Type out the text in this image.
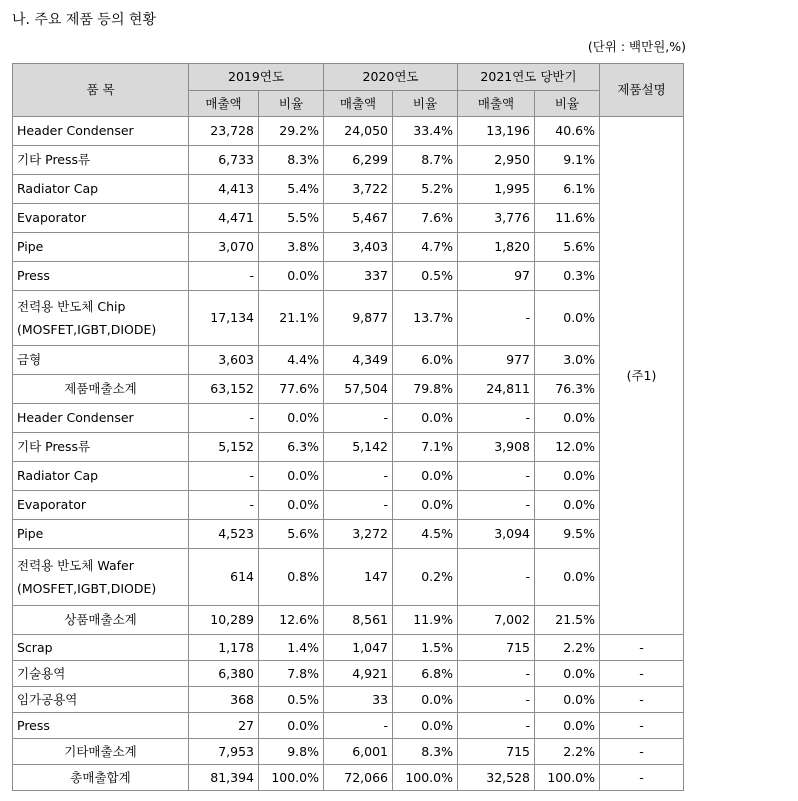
나. 주요 제품 등의 현황
(단위 : 백만원,%)
품 목	2019연도		2020연도		2021연도 당반기		제품설명
	매출액	비율	매출액	비율	매출액	비율	

Header Condenser	23,728	29.2%	24,050	33.4%	13,196	40.6%	(주1)

기타 Press류	6,733	8.3%	6,299	8.7%	2,950	9.1%	

Radiator Cap	4,413	5.4%	3,722	5.2%	1,995	6.1%	

Evaporator	4,471	5.5%	5,467	7.6%	3,776	11.6%	

Pipe	3,070	3.8%	3,403	4.7%	1,820	5.6%	

Press	-	0.0%	337	0.5%	97	0.3%	

전력용 반도체 Chip
(MOSFET,IGBT,DIODE)	17,134	21.1%	9,877	13.7%	-	0.0%	

금형	3,603	4.4%	4,349	6.0%	977	3.0%	

제품매출소계	63,152	77.6%	57,504	79.8%	24,811	76.3%	

Header Condenser	-	0.0%	-	0.0%	-	0.0%	

기타 Press류	5,152	6.3%	5,142	7.1%	3,908	12.0%	

Radiator Cap	-	0.0%	-	0.0%	-	0.0%	

Evaporator	-	0.0%	-	0.0%	-	0.0%	

Pipe	4,523	5.6%	3,272	4.5%	3,094	9.5%	

전력용 반도체 Wafer
(MOSFET,IGBT,DIODE)	614	0.8%	147	0.2%	-	0.0%	

상품매출소계	10,289	12.6%	8,561	11.9%	7,002	21.5%	

Scrap	1,178	1.4%	1,047	1.5%	715	2.2%	-

기술용역	6,380	7.8%	4,921	6.8%	-	0.0%	-

임가공용역	368	0.5%	33	0.0%	-	0.0%	-

Press	27	0.0%	-	0.0%	-	0.0%	-

기타매출소계	7,953	9.8%	6,001	8.3%	715	2.2%	-

총매출합계	81,394	100.0%	72,066	100.0%	32,528	100.0%	-
